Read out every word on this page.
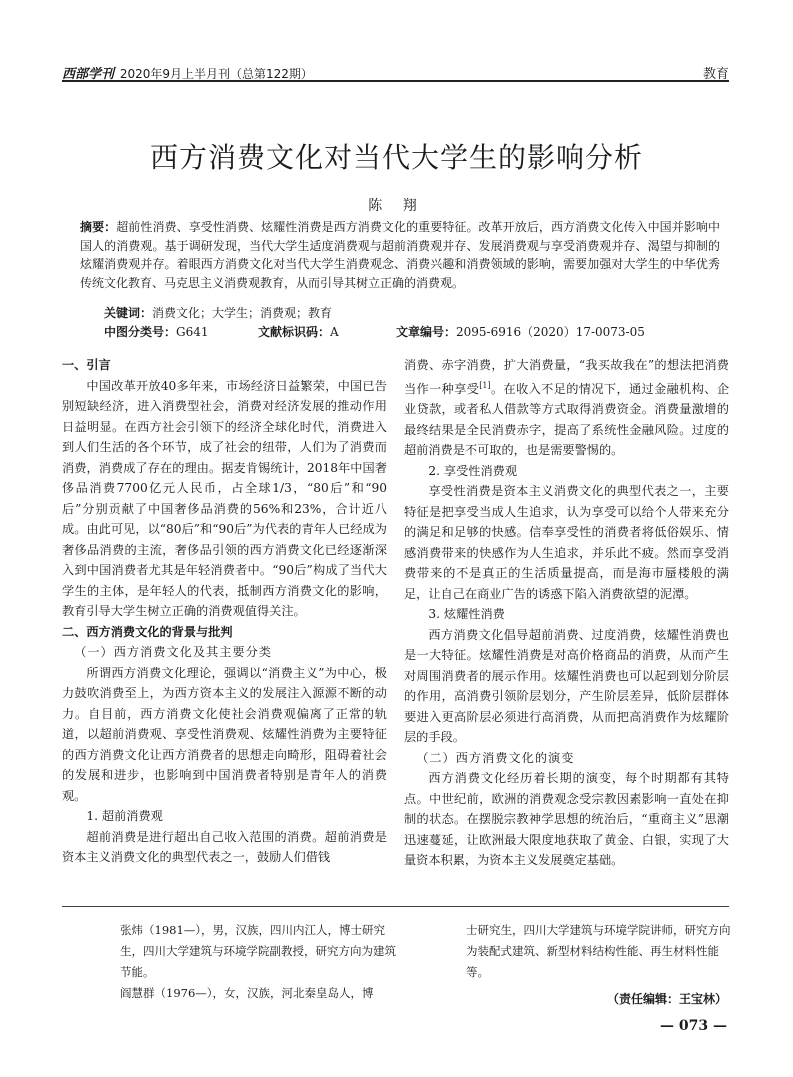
西部学刊 2020年9月上半月刊（总第122期）	教育
西方消费文化对当代大学生的影响分析
陈 翔
摘要：超前性消费、享受性消费、炫耀性消费是西方消费文化的重要特征。改革开放后，西方消费文化传入中国并影响中国人的消费观。基于调研发现，当代大学生适度消费观与超前消费观并存、发展消费观与享受消费观并存、渴望与抑制的炫耀消费观并存。着眼西方消费文化对当代大学生消费观念、消费兴趣和消费领域的影响，需要加强对大学生的中华优秀传统文化教育、马克思主义消费观教育，从而引导其树立正确的消费观。
关键词：消费文化；大学生；消费观；教育
中图分类号：G641	文献标识码：A	文章编号：2095-6916（2020）17-0073-05

一、引言

中国改革开放40多年来，市场经济日益繁荣，中国已告别短缺经济，进入消费型社会，消费对经济发展的推动作用日益明显。在西方社会引领下的经济全球化时代，消费进入到人们生活的各个环节，成了社会的纽带，人们为了消费而消费，消费成了存在的理由。据麦肯锡统计，2018年中国奢侈品消费7700亿元人民币，占全球1/3，“80后”和“90后”分别贡献了中国奢侈品消费的56%和23%，合计近八成。由此可见，以“80后”和“90后”为代表的青年人已经成为奢侈品消费的主流，奢侈品引领的西方消费文化已经逐渐深入到中国消费者尤其是年轻消费者中。“90后”构成了当代大学生的主体，是年轻人的代表，抵制西方消费文化的影响，教育引导大学生树立正确的消费观值得关注。

二、西方消费文化的背景与批判

（一）西方消费文化及其主要分类

所谓西方消费文化理论，强调以“消费主义”为中心，极力鼓吹消费至上，为西方资本主义的发展注入源源不断的动力。自目前，西方消费文化使社会消费观偏离了正常的轨道，以超前消费观、享受性消费观、炫耀性消费为主要特征的西方消费文化让西方消费者的思想走向畸形，阻碍着社会的发展和进步，也影响到中国消费者特别是青年人的消费观。

1. 超前消费观

超前消费是进行超出自己收入范围的消费。超前消费是资本主义消费文化的典型代表之一，鼓励人们借钱

消费、赤字消费，扩大消费量，“我买故我在”的想法把消费当作一种享受[1]。在收入不足的情况下，通过金融机构、企业贷款，或者私人借款等方式取得消费资金。消费量激增的最终结果是全民消费赤字，提高了系统性金融风险。过度的超前消费是不可取的，也是需要警惕的。

2. 享受性消费观

享受性消费是资本主义消费文化的典型代表之一，主要特征是把享受当成人生追求，认为享受可以给个人带来充分的满足和足够的快感。信奉享受性的消费者将低俗娱乐、情感消费带来的快感作为人生追求，并乐此不疲。然而享受消费带来的不是真正的生活质量提高，而是海市蜃楼般的满足，让自己在商业广告的诱惑下陷入消费欲望的泥潭。

3. 炫耀性消费

西方消费文化倡导超前消费、过度消费，炫耀性消费也是一大特征。炫耀性消费是对高价格商品的消费，从而产生对周围消费者的展示作用。炫耀性消费也可以起到划分阶层的作用，高消费引领阶层划分，产生阶层差异，低阶层群体要进入更高阶层必须进行高消费，从而把高消费作为炫耀阶层的手段。

（二）西方消费文化的演变

西方消费文化经历着长期的演变，每个时期都有其特点。中世纪前，欧洲的消费观念受宗教因素影响一直处在抑制的状态。在摆脱宗教神学思想的统治后，“重商主义”思潮迅速蔓延，让欧洲最大限度地获取了黄金、白银，实现了大量资本积累，为资本主义发展奠定基础。

张炜（1981—），男，汉族，四川内江人，博士研究生，四川大学建筑与环境学院副教授，研究方向为建筑节能。

阎慧群（1976—），女，汉族，河北秦皇岛人，博

士研究生，四川大学建筑与环境学院讲师，研究方向为装配式建筑、新型材料结构性能、再生材料性能等。

（责任编辑：王宝林）
— 073 —
